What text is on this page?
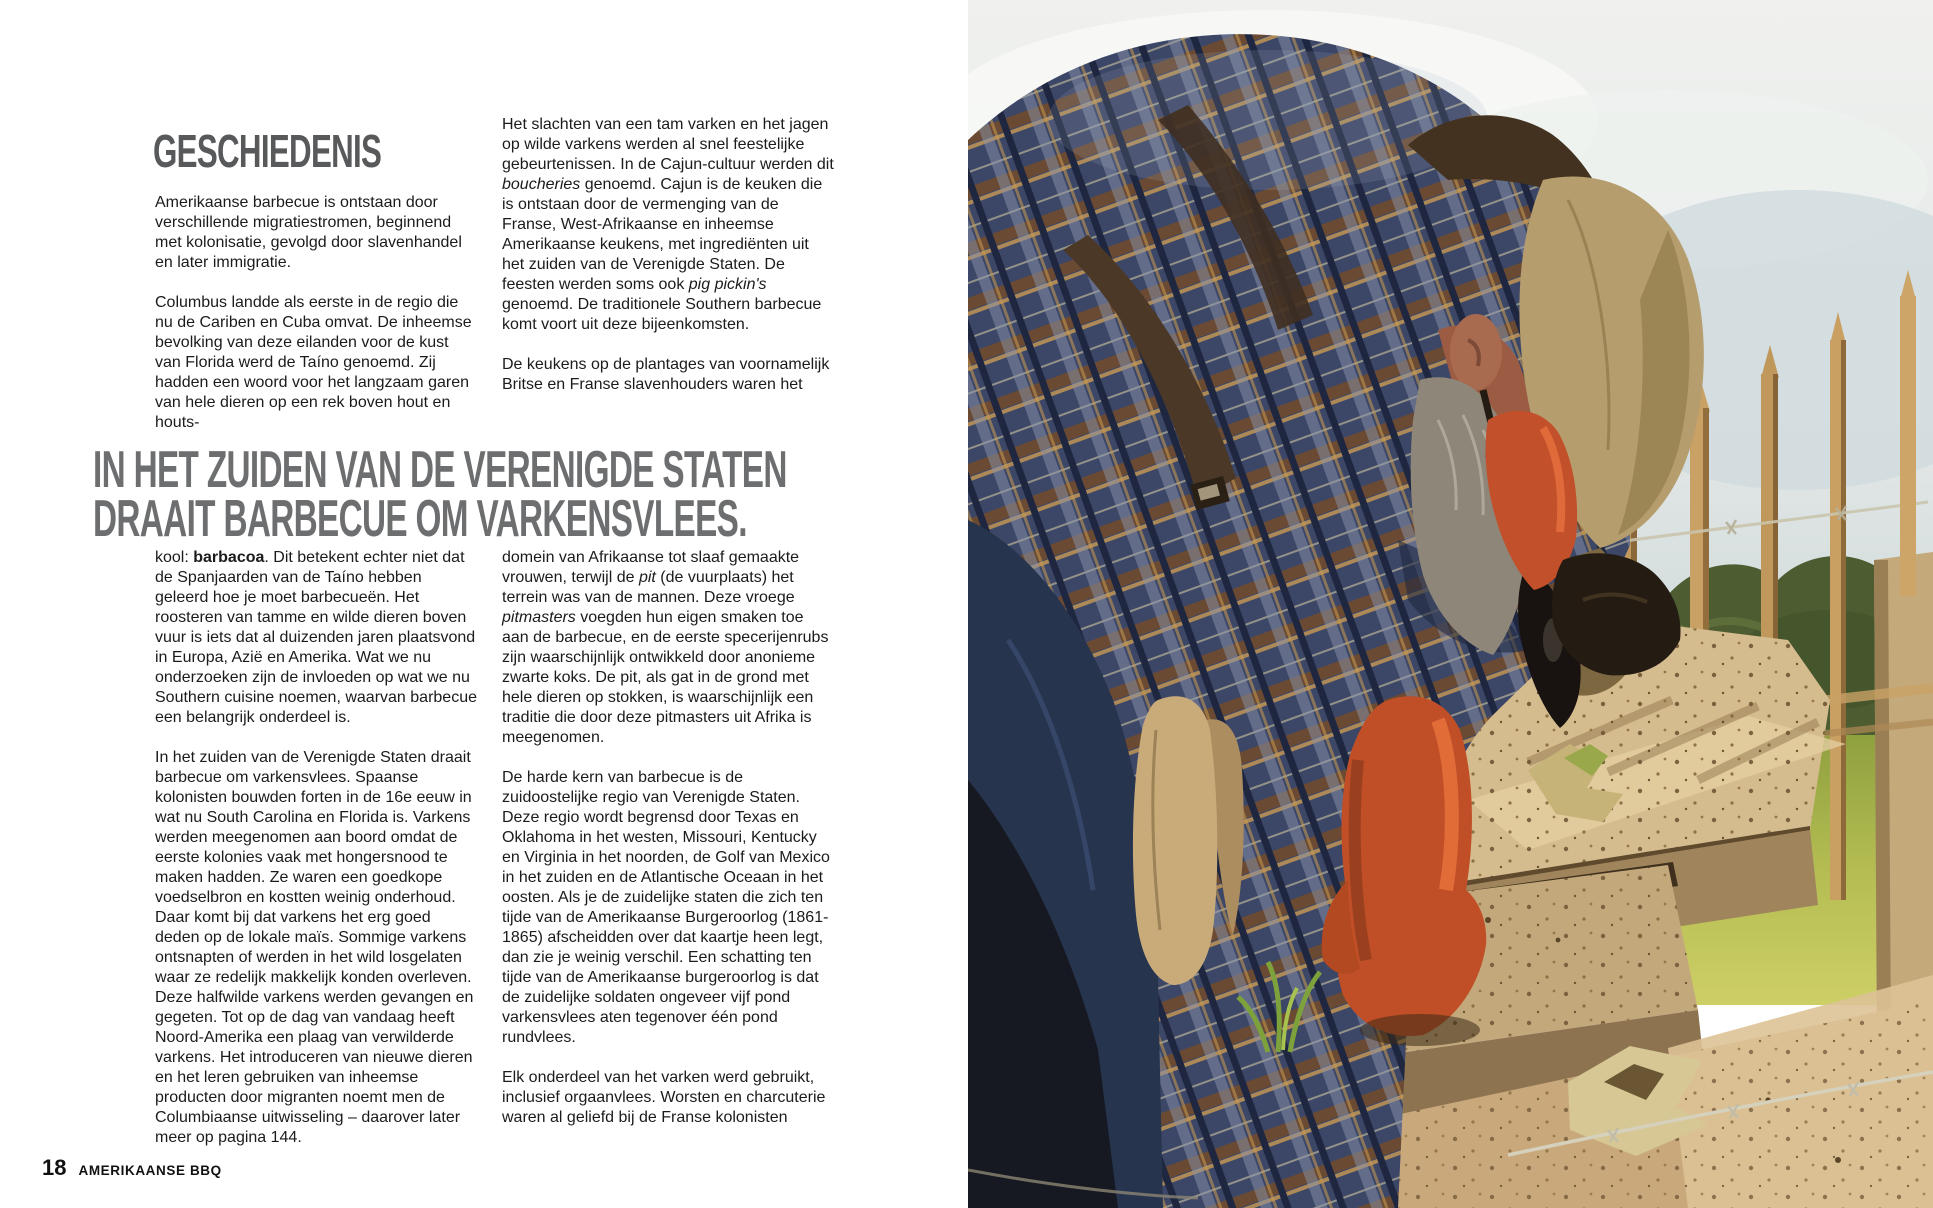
GESCHIEDENIS

Amerikaanse barbecue is ontstaan door verschillende migratiestromen, beginnend met kolonisatie, gevolgd door slavenhandel en later immigratie.

Columbus landde als eerste in de regio die nu de Cariben en Cuba omvat. De inheemse bevolking van deze eilanden voor de kust van Florida werd de Taíno genoemd. Zij hadden een woord voor het langzaam garen van hele dieren op een rek boven hout en houts-

Het slachten van een tam varken en het jagen op wilde varkens werden al snel feestelijke gebeurtenissen. In de Cajun-cultuur werden dit boucheries genoemd. Cajun is de keuken die is ontstaan door de vermenging van de Franse, West-Afrikaanse en inheemse Amerikaanse keukens, met ingrediënten uit het zuiden van de Verenigde Staten. De feesten werden soms ook pig pickin's genoemd. De traditionele Southern barbecue komt voort uit deze bijeenkomsten.

De keukens op de plantages van voornamelijk Britse en Franse slavenhouders waren het

IN HET ZUIDEN VAN DE VERENIGDE STATEN
DRAAIT BARBECUE OM VARKENSVLEES.

kool: barbacoa. Dit betekent echter niet dat de Spanjaarden van de Taíno hebben geleerd hoe je moet barbecueën. Het roosteren van tamme en wilde dieren boven vuur is iets dat al duizenden jaren plaatsvond in Europa, Azië en Amerika. Wat we nu onderzoeken zijn de invloeden op wat we nu Southern cuisine noemen, waarvan barbecue een belangrijk onderdeel is.

In het zuiden van de Verenigde Staten draait barbecue om varkensvlees. Spaanse kolonisten bouwden forten in de 16e eeuw in wat nu South Carolina en Florida is. Varkens werden meegenomen aan boord omdat de eerste kolonies vaak met hongersnood te maken hadden. Ze waren een goedkope voedselbron en kostten weinig onderhoud. Daar komt bij dat varkens het erg goed deden op de lokale maïs. Sommige varkens ontsnapten of werden in het wild losgelaten waar ze redelijk makkelijk konden overleven. Deze halfwilde varkens werden gevangen en gegeten. Tot op de dag van vandaag heeft Noord-Amerika een plaag van verwilderde varkens. Het introduceren van nieuwe dieren en het leren gebruiken van inheemse producten door migranten noemt men de Columbiaanse uitwisseling – daarover later meer op pagina 144.

domein van Afrikaanse tot slaaf gemaakte vrouwen, terwijl de pit (de vuurplaats) het terrein was van de mannen. Deze vroege pitmasters voegden hun eigen smaken toe aan de barbecue, en de eerste specerijenrubs zijn waarschijnlijk ontwikkeld door anonieme zwarte koks. De pit, als gat in de grond met hele dieren op stokken, is waarschijnlijk een traditie die door deze pitmasters uit Afrika is meegenomen.

De harde kern van barbecue is de zuidoostelijke regio van Verenigde Staten. Deze regio wordt begrensd door Texas en Oklahoma in het westen, Missouri, Kentucky en Virginia in het noorden, de Golf van Mexico in het zuiden en de Atlantische Oceaan in het oosten. Als je de zuidelijke staten die zich ten tijde van de Amerikaanse Burgeroorlog (1861-1865) afscheidden over dat kaartje heen legt, dan zie je weinig verschil. Een schatting ten tijde van de Amerikaanse burgeroorlog is dat de zuidelijke soldaten ongeveer vijf pond varkensvlees aten tegenover één pond rundvlees.

Elk onderdeel van het varken werd gebruikt, inclusief orgaanvlees. Worsten en charcuterie waren al geliefd bij de Franse kolonisten

18 AMERIKAANSE BBQ
